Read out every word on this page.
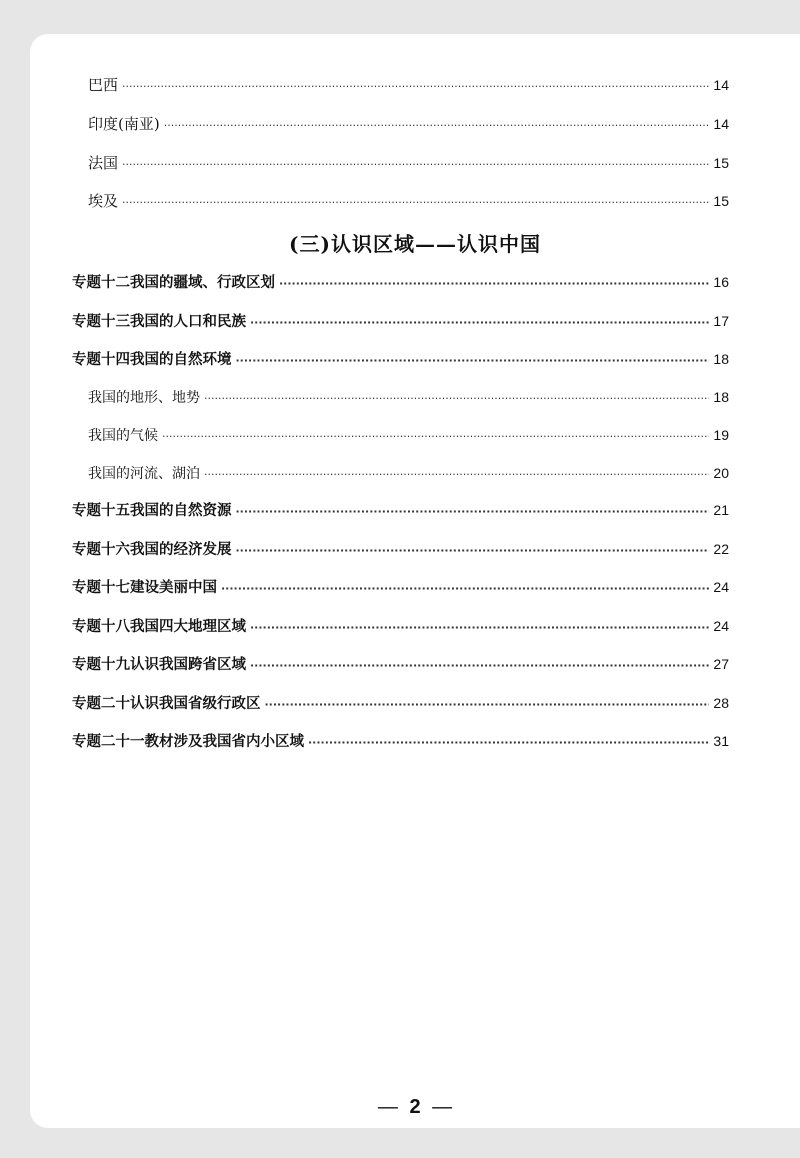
巴西 ·····	14
印度(南亚) ·····	14
法国 ·····	15
埃及 ·····	15
(三)认识区域——认识中国
专题十二 我国的疆域、行政区划 ·····	16
专题十三 我国的人口和民族 ·····	17
专题十四 我国的自然环境 ·····	18
我国的地形、地势 ·····	18
我国的气候 ·····	19
我国的河流、湖泊 ·····	20
专题十五 我国的自然资源 ·····	21
专题十六 我国的经济发展 ·····	22
专题十七 建设美丽中国 ·····	24
专题十八 我国四大地理区域 ·····	24
专题十九 认识我国跨省区域 ·····	27
专题二十 认识我国省级行政区 ·····	28
专题二十一 教材涉及我国省内小区域 ·····	31
— 2 —
